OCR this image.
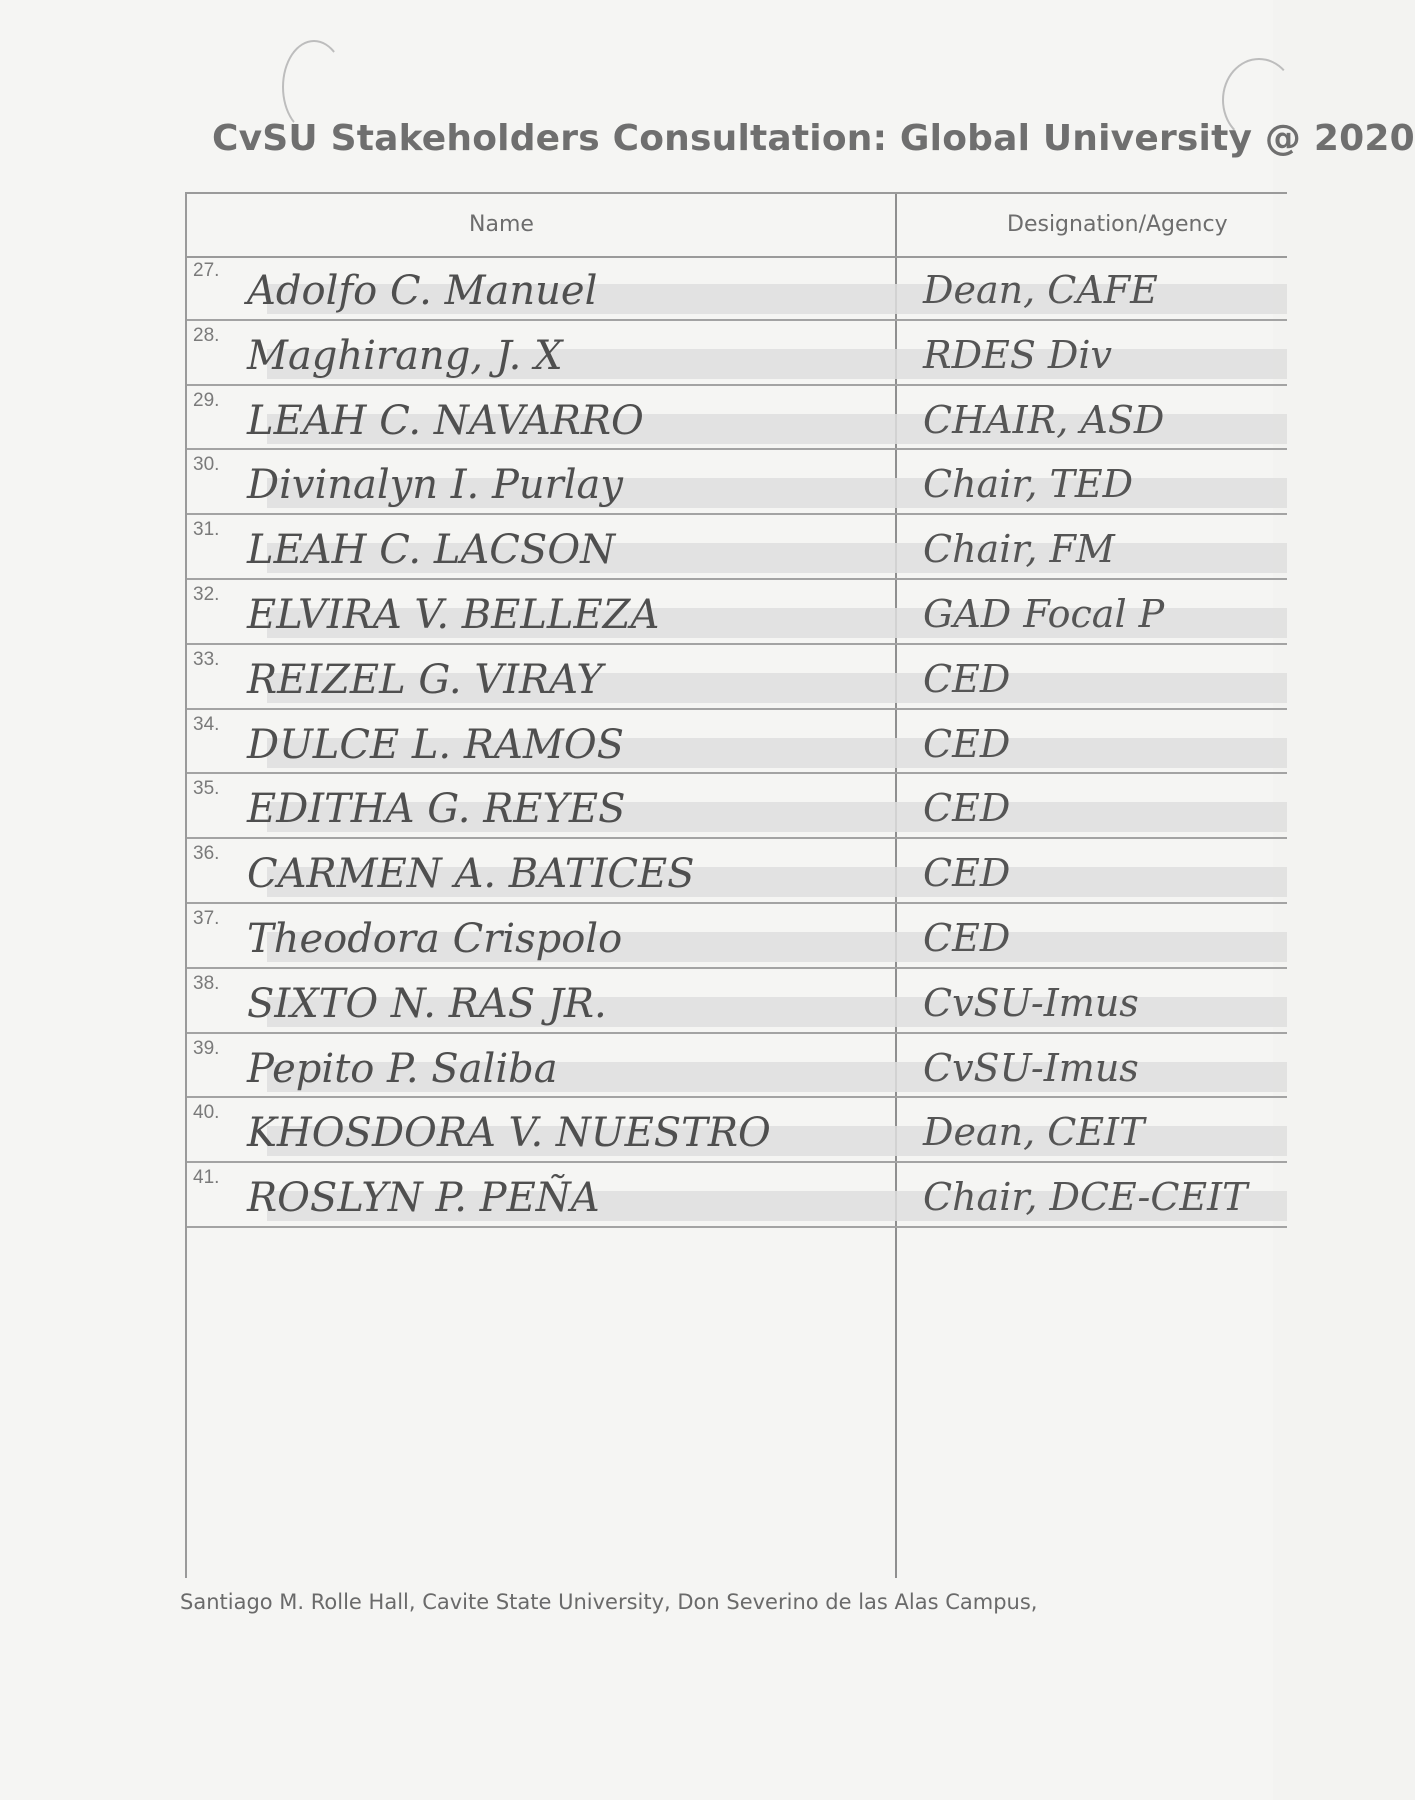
CvSU Stakeholders Consultation: Global University @ 2020
Name	Designation/Agency
27. Adolfo C. Manuel	Dean, CAFE
28. Maghirang, J. X	RDES Div
29. LEAH C. NAVARRO	CHAIR, ASD
30. Divinalyn I. Purlay	Chair, TED
31. LEAH C. LACSON	Chair, FM
32. ELVIRA V. BELLEZA	GAD Focal P
33. REIZEL G. VIRAY	CED
34. DULCE L. RAMOS	CED
35. EDITHA G. REYES	CED
36. CARMEN A. BATICES	CED
37. Theodora Crispolo	CED
38. SIXTO N. RAS JR.	CvSU-Imus
39. Pepito P. Saliba	CvSU-Imus
40. KHOSDORA V. NUESTRO	Dean, CEIT
41. ROSLYN P. PEÑA	Chair, DCE-CEIT
Santiago M. Rolle Hall, Cavite State University, Don Severino de las Alas Campus,
